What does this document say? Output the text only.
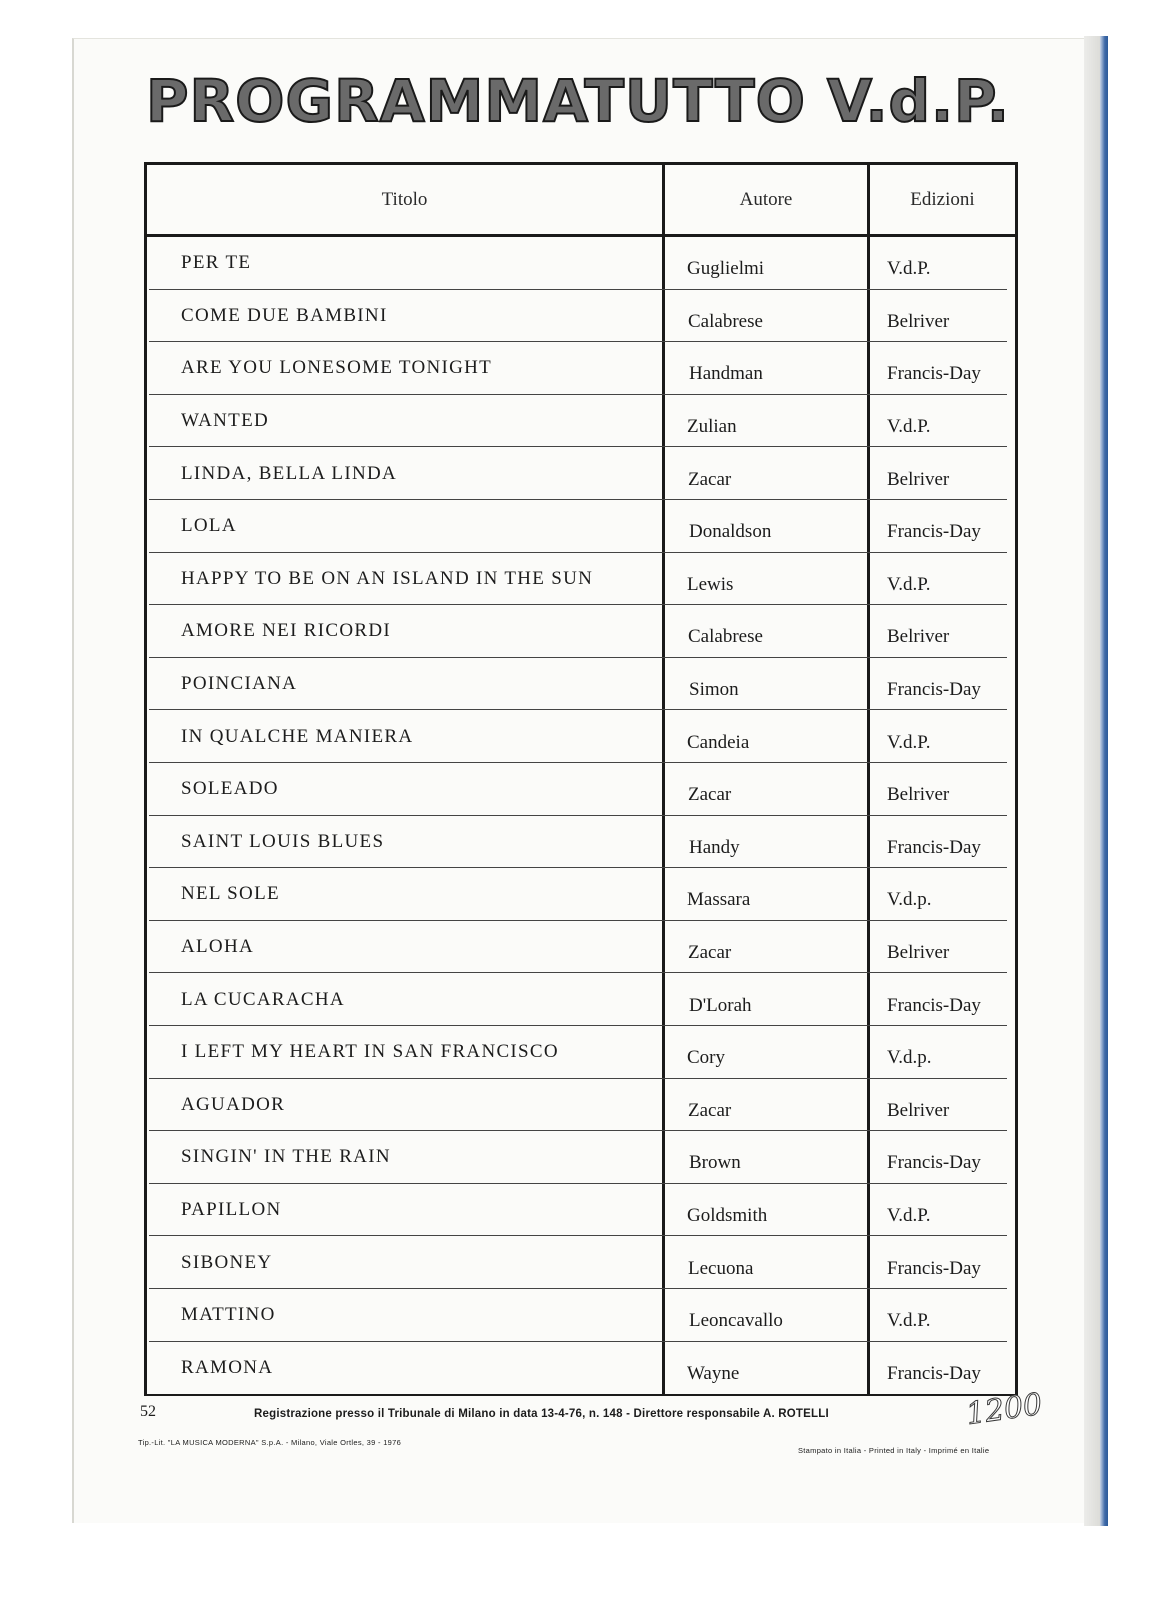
PROGRAMMATUTTO V.d.P.
Titolo	Autore	Edizioni
PER TE	Guglielmi	V.d.P.
COME DUE BAMBINI	Calabrese	Belriver
ARE YOU LONESOME TONIGHT	Handman	Francis-Day
WANTED	Zulian	V.d.P.
LINDA, BELLA LINDA	Zacar	Belriver
LOLA	Donaldson	Francis-Day
HAPPY TO BE ON AN ISLAND IN THE SUN	Lewis	V.d.P.
AMORE NEI RICORDI	Calabrese	Belriver
POINCIANA	Simon	Francis-Day
IN QUALCHE MANIERA	Candeia	V.d.P.
SOLEADO	Zacar	Belriver
SAINT LOUIS BLUES	Handy	Francis-Day
NEL SOLE	Massara	V.d.p.
ALOHA	Zacar	Belriver
LA CUCARACHA	D'Lorah	Francis-Day
I LEFT MY HEART IN SAN FRANCISCO	Cory	V.d.p.
AGUADOR	Zacar	Belriver
SINGIN' IN THE RAIN	Brown	Francis-Day
PAPILLON	Goldsmith	V.d.P.
SIBONEY	Lecuona	Francis-Day
MATTINO	Leoncavallo	V.d.P.
RAMONA	Wayne	Francis-Day
52	Registrazione presso il Tribunale di Milano in data 13-4-76, n. 148 - Direttore responsabile A. ROTELLI	1200
Tip.-Lit. "LA MUSICA MODERNA" S.p.A. - Milano, Viale Ortles, 39 - 1976
Stampato in Italia - Printed in Italy - Imprimé en Italie
